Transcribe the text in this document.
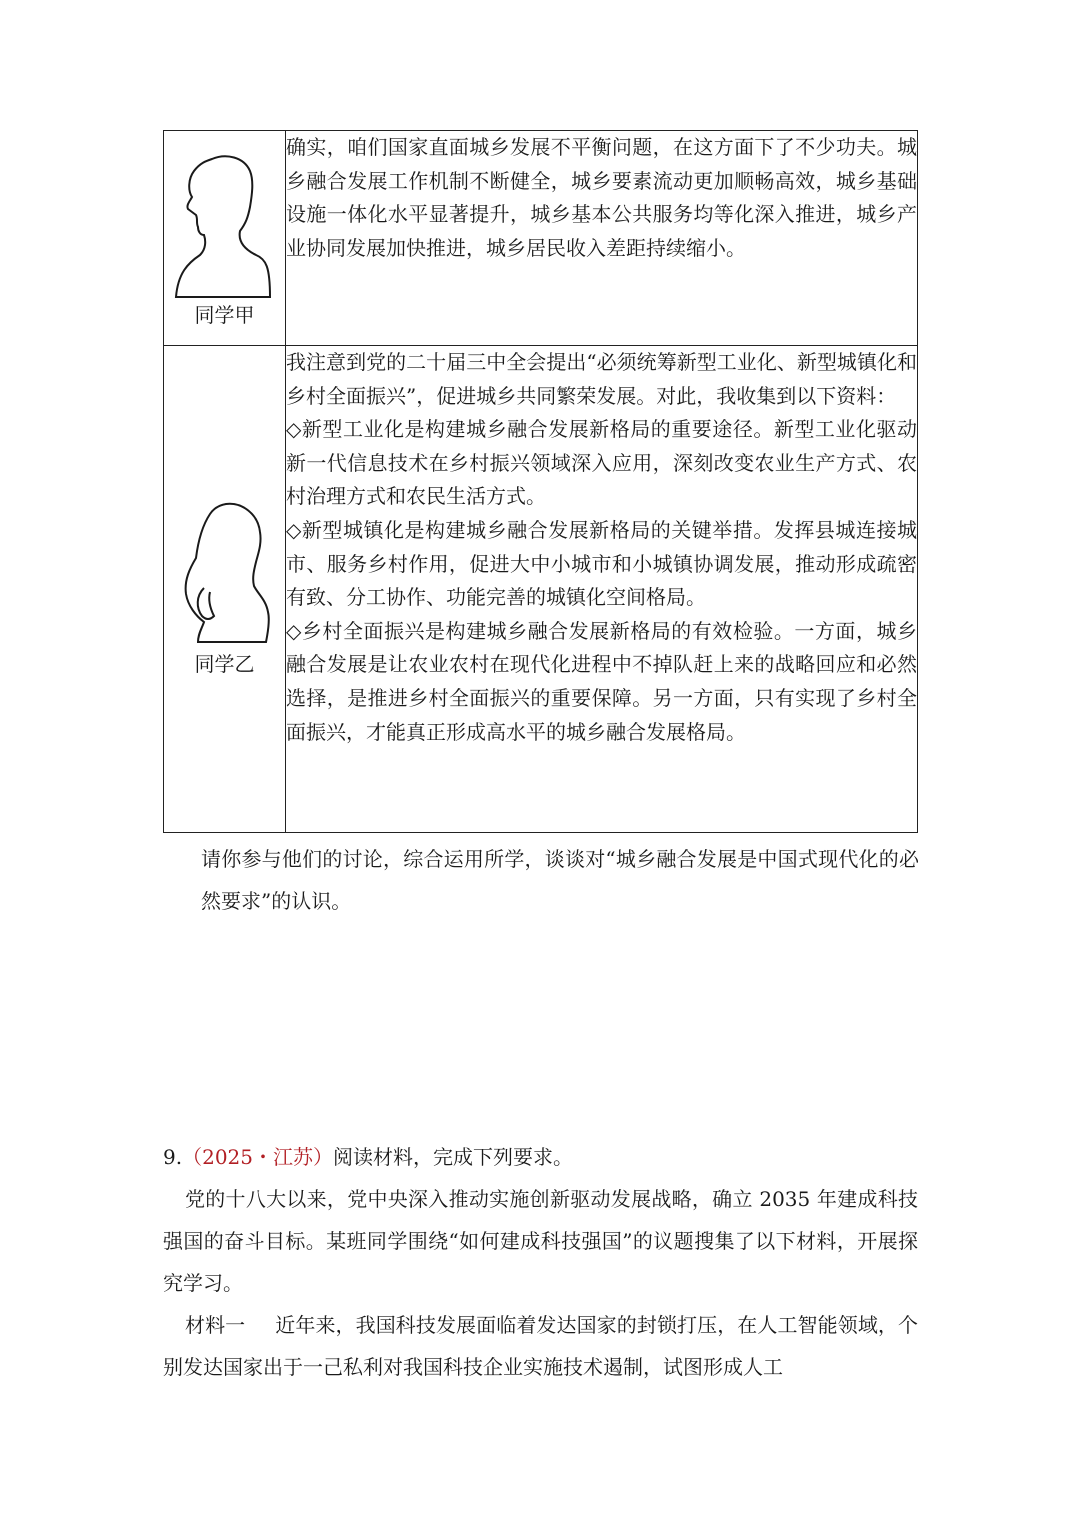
同学甲	确实，咱们国家直面城乡发展不平衡问题，在这方面下了不少功夫。城乡融合发展工作机制不断健全，城乡要素流动更加顺畅高效，城乡基础设施一体化水平显著提升，城乡基本公共服务均等化深入推进，城乡产业协同发展加快推进，城乡居民收入差距持续缩小。

同学乙	我注意到党的二十届三中全会提出“必须统筹新型工业化、新型城镇化和乡村全面振兴”，促进城乡共同繁荣发展。对此，我收集到以下资料：

◇新型工业化是构建城乡融合发展新格局的重要途径。新型工业化驱动新一代信息技术在乡村振兴领域深入应用，深刻改变农业生产方式、农村治理方式和农民生活方式。

◇新型城镇化是构建城乡融合发展新格局的关键举措。发挥县城连接城市、服务乡村作用，促进大中小城市和小城镇协调发展，推动形成疏密有致、分工协作、功能完善的城镇化空间格局。

◇乡村全面振兴是构建城乡融合发展新格局的有效检验。一方面，城乡融合发展是让农业农村在现代化进程中不掉队赶上来的战略回应和必然选择，是推进乡村全面振兴的重要保障。另一方面，只有实现了乡村全面振兴，才能真正形成高水平的城乡融合发展格局。

请你参与他们的讨论，综合运用所学，谈谈对“城乡融合发展是中国式现代化的必然要求”的认识。

9.（2025・江苏）阅读材料，完成下列要求。

党的十八大以来，党中央深入推动实施创新驱动发展战略，确立 2035 年建成科技强国的奋斗目标。某班同学围绕“如何建成科技强国”的议题搜集了以下材料，开展探究学习。

材料一 近年来，我国科技发展面临着发达国家的封锁打压，在人工智能领域，个别发达国家出于一己私利对我国科技企业实施技术遏制，试图形成人工
